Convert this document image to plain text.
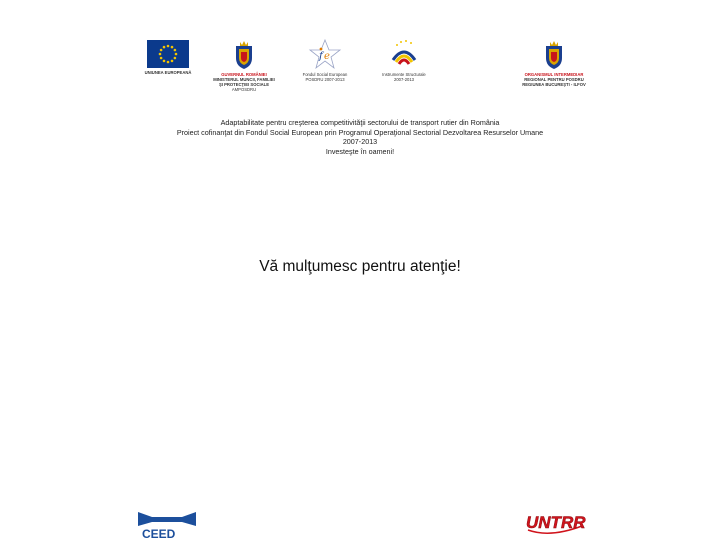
UNIUNEA EUROPEANĂ	GUVERNUL ROMÂNIEI
MINISTERUL MUNCII, FAMILIEI
ŞI PROTECŢIEI SOCIALE
AMPOSDRU
f e
Fondul Social European
POSDRU 2007-2013
Instrumente Structurale
2007-2013
ORGANISMUL INTERMEDIAR
REGIONAL PENTRU POSDRU
REGIUNEA BUCUREŞTI - ILFOV
Adaptabilitate pentru creşterea competitivităţii sectorului de transport rutier din România
Proiect cofinanţat din Fondul Social European prin Programul Operaţional Sectorial Dezvoltarea Resurselor Umane
2007-2013
Investeşte în oameni!
Vă mulţumesc pentru atenţie!
CEED
UNTRR
